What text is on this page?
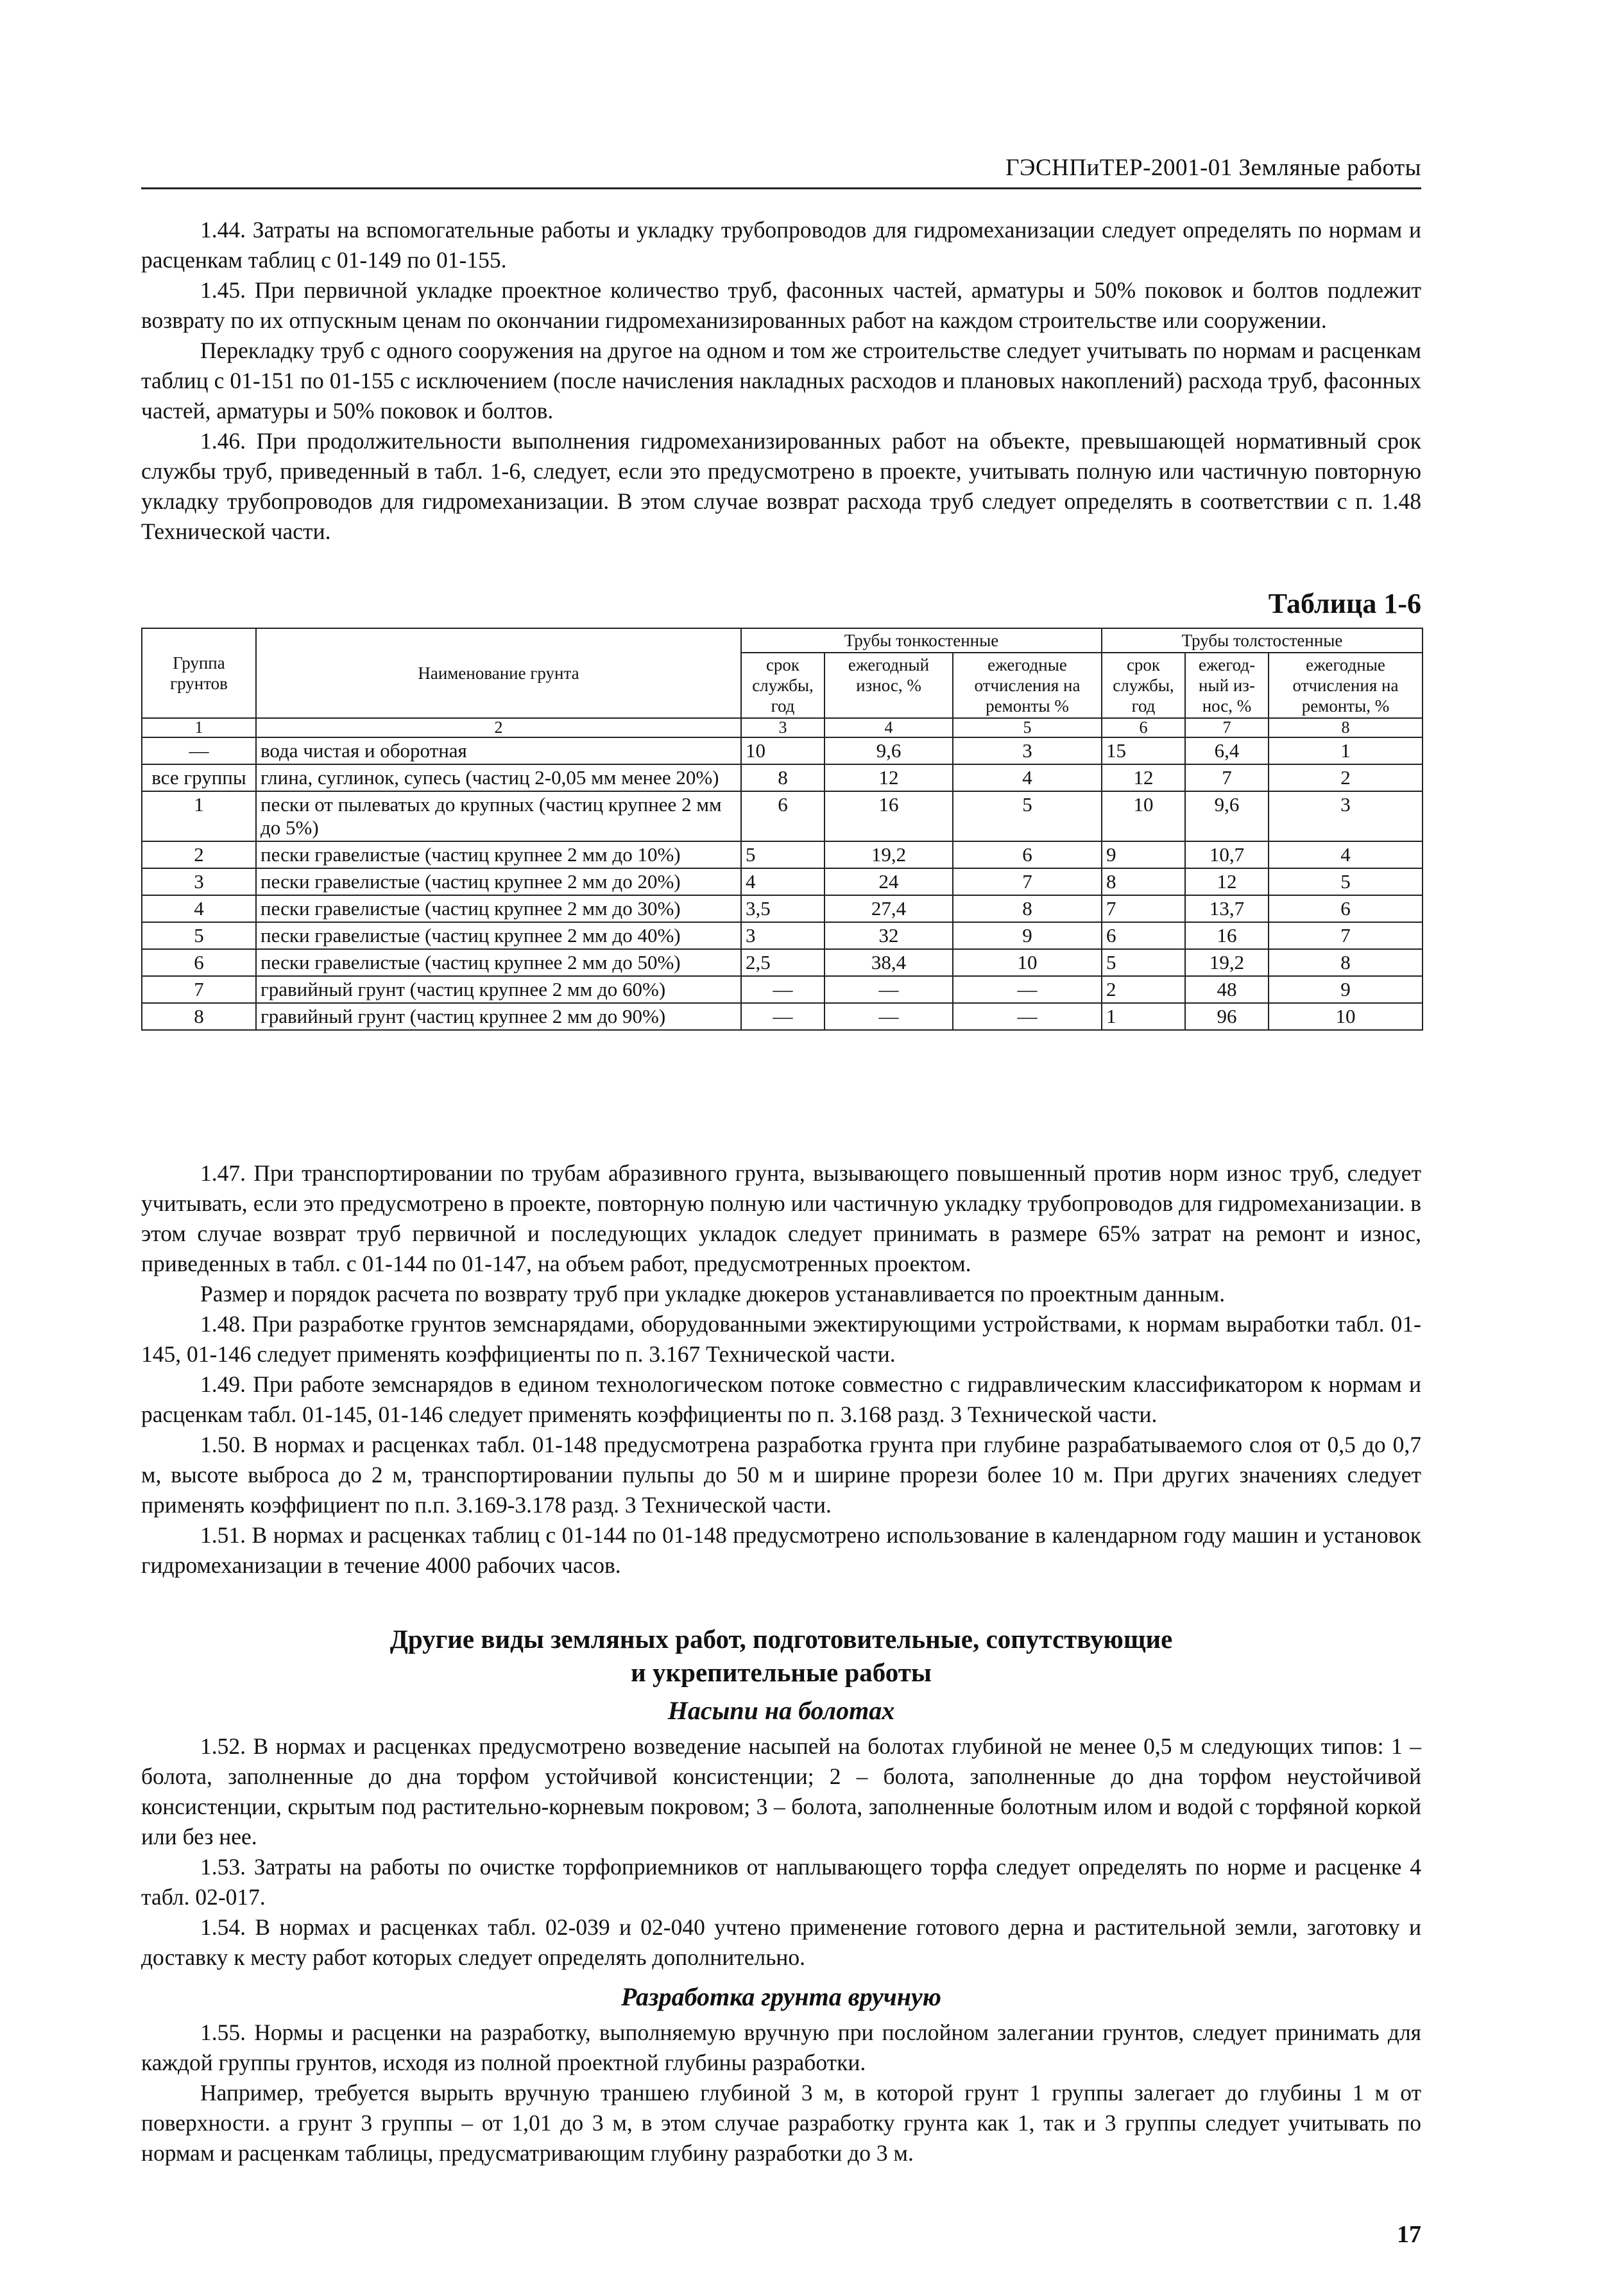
ГЭСНПиТЕР-2001-01 Земляные работы

1.44. Затраты на вспомогательные работы и укладку трубопроводов для гидромеханизации следует определять по нормам и расценкам таблиц с 01-149 по 01-155.

1.45. При первичной укладке проектное количество труб, фасонных частей, арматуры и 50% поковок и болтов подлежит возврату по их отпускным ценам по окончании гидромеханизированных работ на каждом строительстве или сооружении.

Перекладку труб с одного сооружения на другое на одном и том же строительстве следует учитывать по нормам и расценкам таблиц с 01-151 по 01-155 с исключением (после начисления накладных расходов и плановых накоплений) расхода труб, фасонных частей, арматуры и 50% поковок и болтов.

1.46. При продолжительности выполнения гидромеханизированных работ на объекте, превышающей нормативный срок службы труб, приведенный в табл. 1-6, следует, если это предусмотрено в проекте, учитывать полную или частичную повторную укладку трубопроводов для гидромеханизации. В этом случае возврат расхода труб следует определять в соответствии с п. 1.48 Технической части.

Таблица 1-6
Группа грунтов	Наименование грунта	Трубы тонкостенные			Трубы толстостенные		
		срок службы, год	ежегодный износ, %	ежегодные отчисления на ремонты %	срок службы, год	ежегод-ный из-нос, %	ежегодные отчисления на ремонты, %
1	2	3	4	5	6	7	8
—	вода чистая и оборотная	10	9,6	3	15	6,4	1
все группы	глина, суглинок, супесь (частиц 2-0,05 мм менее 20%)	8	12	4	12	7	2
1	пески от пылеватых до крупных (частиц крупнее 2 мм до 5%)	6	16	5	10	9,6	3
2	пески гравелистые (частиц крупнее 2 мм до 10%)	5	19,2	6	9	10,7	4
3	пески гравелистые (частиц крупнее 2 мм до 20%)	4	24	7	8	12	5
4	пески гравелистые (частиц крупнее 2 мм до 30%)	3,5	27,4	8	7	13,7	6
5	пески гравелистые (частиц крупнее 2 мм до 40%)	3	32	9	6	16	7
6	пески гравелистые (частиц крупнее 2 мм до 50%)	2,5	38,4	10	5	19,2	8
7	гравийный грунт (частиц крупнее 2 мм до 60%)	—	—	—	2	48	9
8	гравийный грунт (частиц крупнее 2 мм до 90%)	—	—	—	1	96	10

1.47. При транспортировании по трубам абразивного грунта, вызывающего повышенный против норм износ труб, следует учитывать, если это предусмотрено в проекте, повторную полную или частичную укладку трубопроводов для гидромеханизации. в этом случае возврат труб первичной и последующих укладок следует принимать в размере 65% затрат на ремонт и износ, приведенных в табл. с 01-144 по 01-147, на объем работ, предусмотренных проектом.

Размер и порядок расчета по возврату труб при укладке дюкеров устанавливается по проектным данным.

1.48. При разработке грунтов земснарядами, оборудованными эжектирующими устройствами, к нормам выработки табл. 01-145, 01-146 следует применять коэффициенты по п. 3.167 Технической части.

1.49. При работе земснарядов в едином технологическом потоке совместно с гидравлическим классификатором к нормам и расценкам табл. 01-145, 01-146 следует применять коэффициенты по п. 3.168 разд. 3 Технической части.

1.50. В нормах и расценках табл. 01-148 предусмотрена разработка грунта при глубине разрабатываемого слоя от 0,5 до 0,7 м, высоте выброса до 2 м, транспортировании пульпы до 50 м и ширине прорези более 10 м. При других значениях следует применять коэффициент по п.п. 3.169-3.178 разд. 3 Технической части.

1.51. В нормах и расценках таблиц с 01-144 по 01-148 предусмотрено использование в календарном году машин и установок гидромеханизации в течение 4000 рабочих часов.

Другие виды земляных работ, подготовительные, сопутствующие
и укрепительные работы
Насыпи на болотах

1.52. В нормах и расценках предусмотрено возведение насыпей на болотах глубиной не менее 0,5 м следующих типов: 1 – болота, заполненные до дна торфом устойчивой консистенции; 2 – болота, заполненные до дна торфом неустойчивой консистенции, скрытым под растительно-корневым покровом; 3 – болота, заполненные болотным илом и водой с торфяной коркой или без нее.

1.53. Затраты на работы по очистке торфоприемников от наплывающего торфа следует определять по норме и расценке 4 табл. 02-017.

1.54. В нормах и расценках табл. 02-039 и 02-040 учтено применение готового дерна и растительной земли, заготовку и доставку к месту работ которых следует определять дополнительно.

Разработка грунта вручную

1.55. Нормы и расценки на разработку, выполняемую вручную при послойном залегании грунтов, следует принимать для каждой группы грунтов, исходя из полной проектной глубины разработки.

Например, требуется вырыть вручную траншею глубиной 3 м, в которой грунт 1 группы залегает до глубины 1 м от поверхности. а грунт 3 группы – от 1,01 до 3 м, в этом случае разработку грунта как 1, так и 3 группы следует учитывать по нормам и расценкам таблицы, предусматривающим глубину разработки до 3 м.

17
